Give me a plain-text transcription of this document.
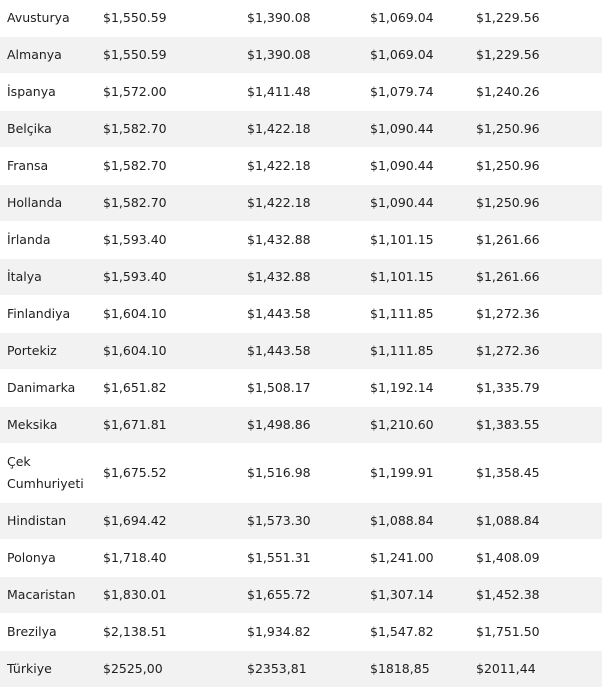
Avusturya	$1,550.59	$1,390.08	$1,069.04	$1,229.56
Almanya	$1,550.59	$1,390.08	$1,069.04	$1,229.56
İspanya	$1,572.00	$1,411.48	$1,079.74	$1,240.26
Belçika	$1,582.70	$1,422.18	$1,090.44	$1,250.96
Fransa	$1,582.70	$1,422.18	$1,090.44	$1,250.96
Hollanda	$1,582.70	$1,422.18	$1,090.44	$1,250.96
İrlanda	$1,593.40	$1,432.88	$1,101.15	$1,261.66
İtalya	$1,593.40	$1,432.88	$1,101.15	$1,261.66
Finlandiya	$1,604.10	$1,443.58	$1,111.85	$1,272.36
Portekiz	$1,604.10	$1,443.58	$1,111.85	$1,272.36
Danimarka	$1,651.82	$1,508.17	$1,192.14	$1,335.79
Meksika	$1,671.81	$1,498.86	$1,210.60	$1,383.55
Çek Cumhuriyeti	$1,675.52	$1,516.98	$1,199.91	$1,358.45
Hindistan	$1,694.42	$1,573.30	$1,088.84	$1,088.84
Polonya	$1,718.40	$1,551.31	$1,241.00	$1,408.09
Macaristan	$1,830.01	$1,655.72	$1,307.14	$1,452.38
Brezilya	$2,138.51	$1,934.82	$1,547.82	$1,751.50
Türkiye	$2525,00	$2353,81	$1818,85	$2011,44
